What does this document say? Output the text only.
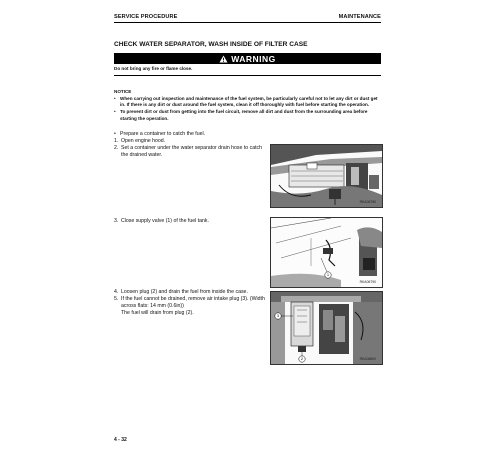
SERVICE PROCEDURE	MAINTENANCE
CHECK WATER SEPARATOR, WASH INSIDE OF FILTER CASE
WARNING
Do not bring any fire or flame close.
NOTICE
• When carrying out inspection and maintenance of the fuel system, be particularly careful not to let any dirt or dust get in. If there is any dirt or dust around the fuel system, clean it off thoroughly with fuel before starting the operation.
• To prevent dirt or dust from getting into the fuel circuit, remove all dirt and dust from the surrounding area before starting the operation.
• Prepare a container to catch the fuel.
1. Open engine hood.
2. Set a container under the water separator drain hose to catch the drained water.
RKA06780
3. Close supply valve (1) of the fuel tank.
1
RKA06790
4. Loosen plug (2) and drain the fuel from inside the case.
5. If the fuel cannot be drained, remove air intake plug (3). (Width across flats: 14 mm (0.6in))
The fuel will drain from plug (2).	3
2	RKA06800
4 - 32
